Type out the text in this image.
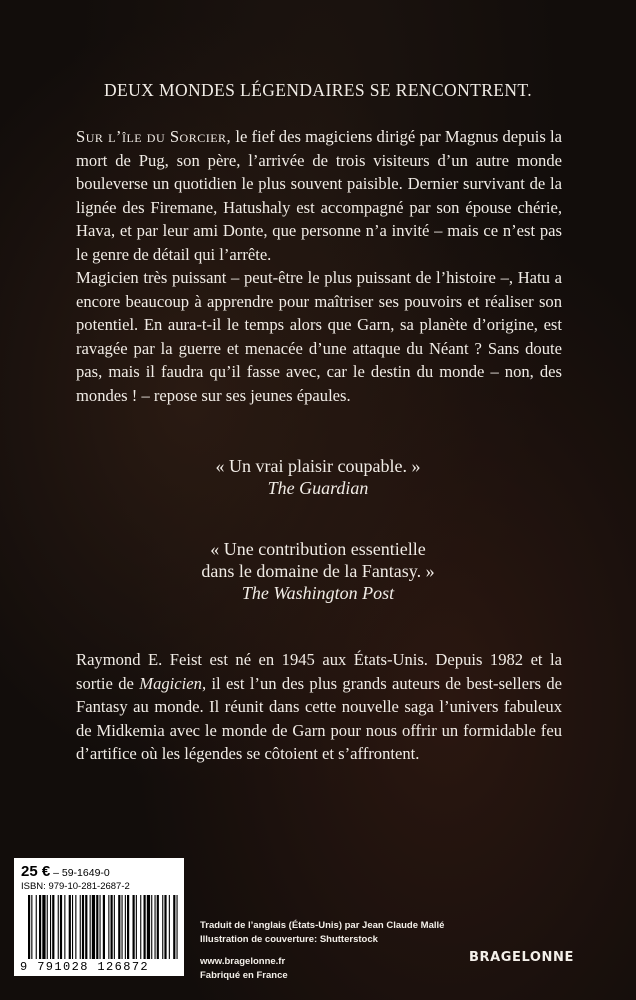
DEUX MONDES LÉGENDAIRES SE RENCONTRENT.

Sur l’île du Sorcier, le fief des magiciens dirigé par Magnus depuis la mort de Pug, son père, l’arrivée de trois visiteurs d’un autre monde bouleverse un quotidien le plus souvent paisible. Dernier survivant de la lignée des Firemane, Hatushaly est accompagné par son épouse chérie, Hava, et par leur ami Donte, que personne n’a invité – mais ce n’est pas le genre de détail qui l’arrête.

Magicien très puissant – peut-être le plus puissant de l’histoire –, Hatu a encore beaucoup à apprendre pour maîtriser ses pouvoirs et réaliser son potentiel. En aura-t-il le temps alors que Garn, sa planète d’origine, est ravagée par la guerre et menacée d’une attaque du Néant ? Sans doute pas, mais il faudra qu’il fasse avec, car le destin du monde – non, des mondes ! – repose sur ses jeunes épaules.

« Un vrai plaisir coupable. »
The Guardian
« Une contribution essentielle
dans le domaine de la Fantasy. »
The Washington Post
Raymond E. Feist est né en 1945 aux États-Unis. Depuis 1982 et la sortie de Magicien, il est l’un des plus grands auteurs de best-sellers de Fantasy au monde. Il réunit dans cette nouvelle saga l’univers fabuleux de Midkemia avec le monde de Garn pour nous offrir un formidable feu d’artifice où les légendes se côtoient et s’affrontent.
25 € – 59-1649-0
ISBN: 979-10-281-2687-2
9 791028 126872
Traduit de l’anglais (États-Unis) par Jean Claude Mallé
Illustration de couverture: Shutterstock
www.bragelonne.fr
Fabriqué en France
BRAGELONNE
